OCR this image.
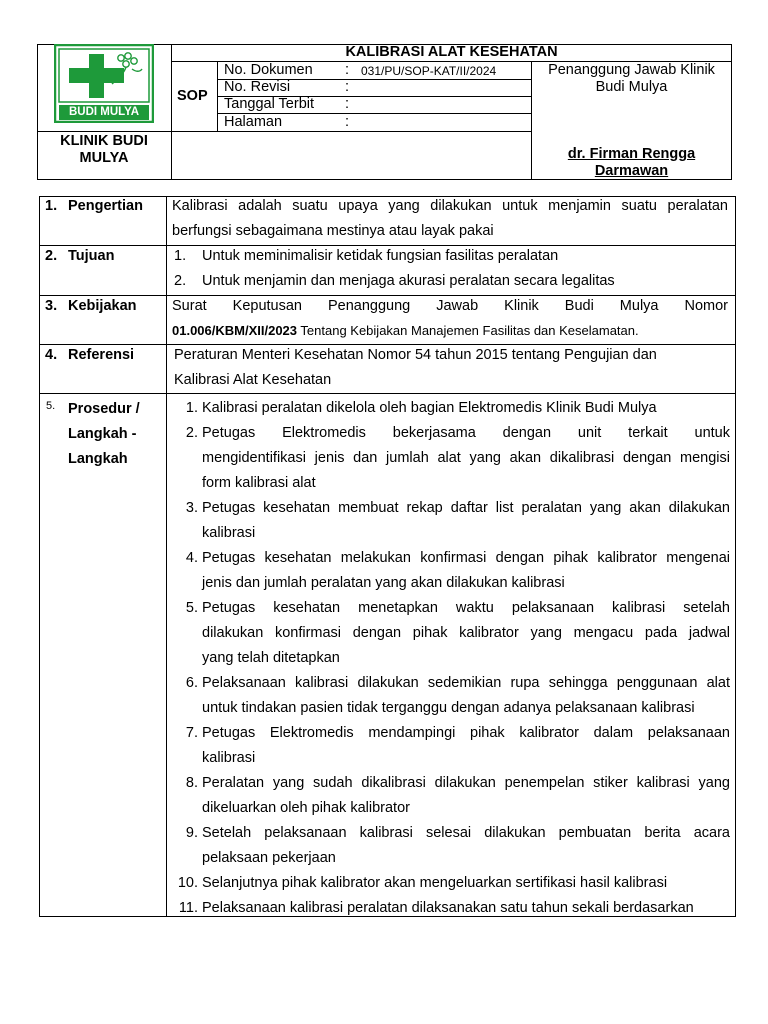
BUDI MULYA
KLINIK BUDI
MULYA
KALIBRASI ALAT KESEHATAN
SOP
No. Dokumen : 031/PU/SOP-KAT/II/2024
No. Revisi	:
Tanggal Terbit :
Halaman	:
Penanggung Jawab Klinik
Budi Mulya
dr. Firman Rengga
Darmawan
1. Pengertian Kalibrasi adalah suatu upaya yang dilakukan untuk menjamin suatu peralatan
berfungsi sebagaimana mestinya atau layak pakai
2. Tujuan	1. Untuk meminimalisir ketidak fungsian fasilitas peralatan
2. Untuk menjamin dan menjaga akurasi peralatan secara legalitas
3. Kebijakan Surat Keputusan Penanggung Jawab Klinik Budi Mulya Nomor
01.006/KBM/XII/2023 Tentang Kebijakan Manajemen Fasilitas dan Keselamatan.
4. Referensi	Peraturan Menteri Kesehatan Nomor 54 tahun 2015 tentang Pengujian dan
Kalibrasi Alat Kesehatan
5. Prosedur /
Langkah -
Langkah
1. Kalibrasi peralatan dikelola oleh bagian Elektromedis Klinik Budi Mulya
2. Petugas Elektromedis bekerjasama dengan unit terkait untuk
mengidentifikasi jenis dan jumlah alat yang akan dikalibrasi dengan mengisi
form kalibrasi alat
3. Petugas kesehatan membuat rekap daftar list peralatan yang akan dilakukan
kalibrasi
4. Petugas kesehatan melakukan konfirmasi dengan pihak kalibrator mengenai
jenis dan jumlah peralatan yang akan dilakukan kalibrasi
5. Petugas kesehatan menetapkan waktu pelaksanaan kalibrasi setelah
dilakukan konfirmasi dengan pihak kalibrator yang mengacu pada jadwal
yang telah ditetapkan
6. Pelaksanaan kalibrasi dilakukan sedemikian rupa sehingga penggunaan alat
untuk tindakan pasien tidak terganggu dengan adanya pelaksanaan kalibrasi
7. Petugas Elektromedis mendampingi pihak kalibrator dalam pelaksanaan
kalibrasi
8. Peralatan yang sudah dikalibrasi dilakukan penempelan stiker kalibrasi yang
dikeluarkan oleh pihak kalibrator
9. Setelah pelaksanaan kalibrasi selesai dilakukan pembuatan berita acara
pelaksaan pekerjaan
10. Selanjutnya pihak kalibrator akan mengeluarkan sertifikasi hasil kalibrasi
11. Pelaksanaan kalibrasi peralatan dilaksanakan satu tahun sekali berdasarkan
